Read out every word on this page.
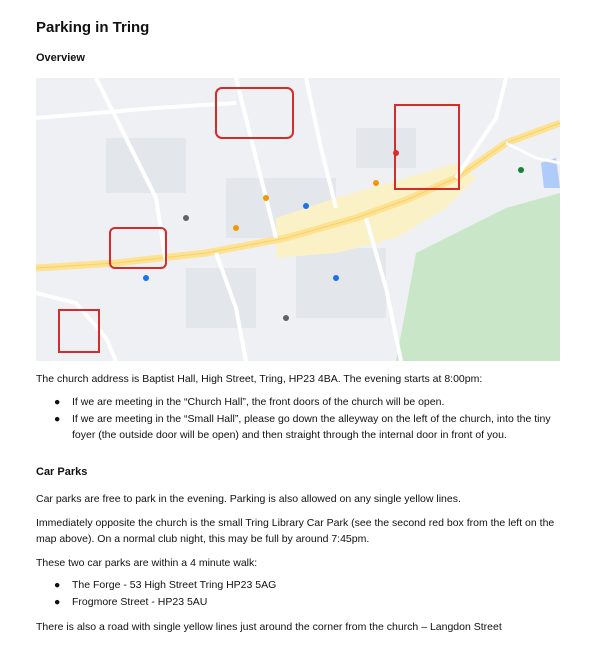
Parking in Tring
Overview

The church address is Baptist Hall, High Street, Tring, HP23 4BA. The evening starts at 8:00pm:

● If we are meeting in the “Church Hall”, the front doors of the church will be open.
● If we are meeting in the “Small Hall”, please go down the alleyway on the left of the church, into the tiny foyer (the outside door will be open) and then straight through the internal door in front of you.
Car Parks

Car parks are free to park in the evening. Parking is also allowed on any single yellow lines.

Immediately opposite the church is the small Tring Library Car Park (see the second red box from the left on the map above). On a normal club night, this may be full by around 7:45pm.

These two car parks are within a 4 minute walk:

● The Forge - 53 High Street Tring HP23 5AG
● Frogmore Street - HP23 5AU

There is also a road with single yellow lines just around the corner from the church – Langdon Street
